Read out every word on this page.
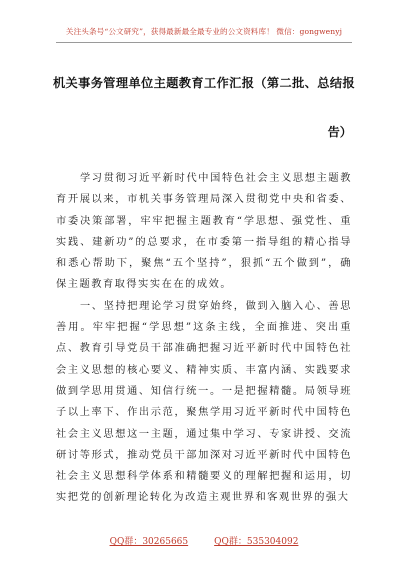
关注头条号“公文研究”，获得最新最全最专业的公文资料库！ 微信：gongwenyj
机关事务管理单位主题教育工作汇报（第二批、总结报
告）

学习贯彻习近平新时代中国特色社会主义思想主题教育开展以来，市机关事务管理局深入贯彻党中央和省委、市委决策部署，牢牢把握主题教育“学思想、强党性、重实践、建新功”的总要求，在市委第一指导组的精心指导和悉心帮助下，聚焦“五个坚持”，狠抓“五个做到”，确保主题教育取得实实在在的成效。

一、坚持把理论学习贯穿始终，做到入脑入心、善思善用。牢牢把握“学思想”这条主线，全面推进、突出重点、教育引导党员干部准确把握习近平新时代中国特色社会主义思想的核心要义、精神实质、丰富内涵、实践要求做到学思用贯通、知信行统一。一是把握精髓。局领导班子以上率下、作出示范，聚焦学用习近平新时代中国特色社会主义思想这一主题，通过集中学习、专家讲授、交流研讨等形式，推动党员干部加深对习近平新时代中国特色社会主义思想科学体系和精髓要义的理解把握和运用，切实把党的创新理论转化为改造主观世界和客观世界的强大

QQ群：30265665	QQ群：535304092
